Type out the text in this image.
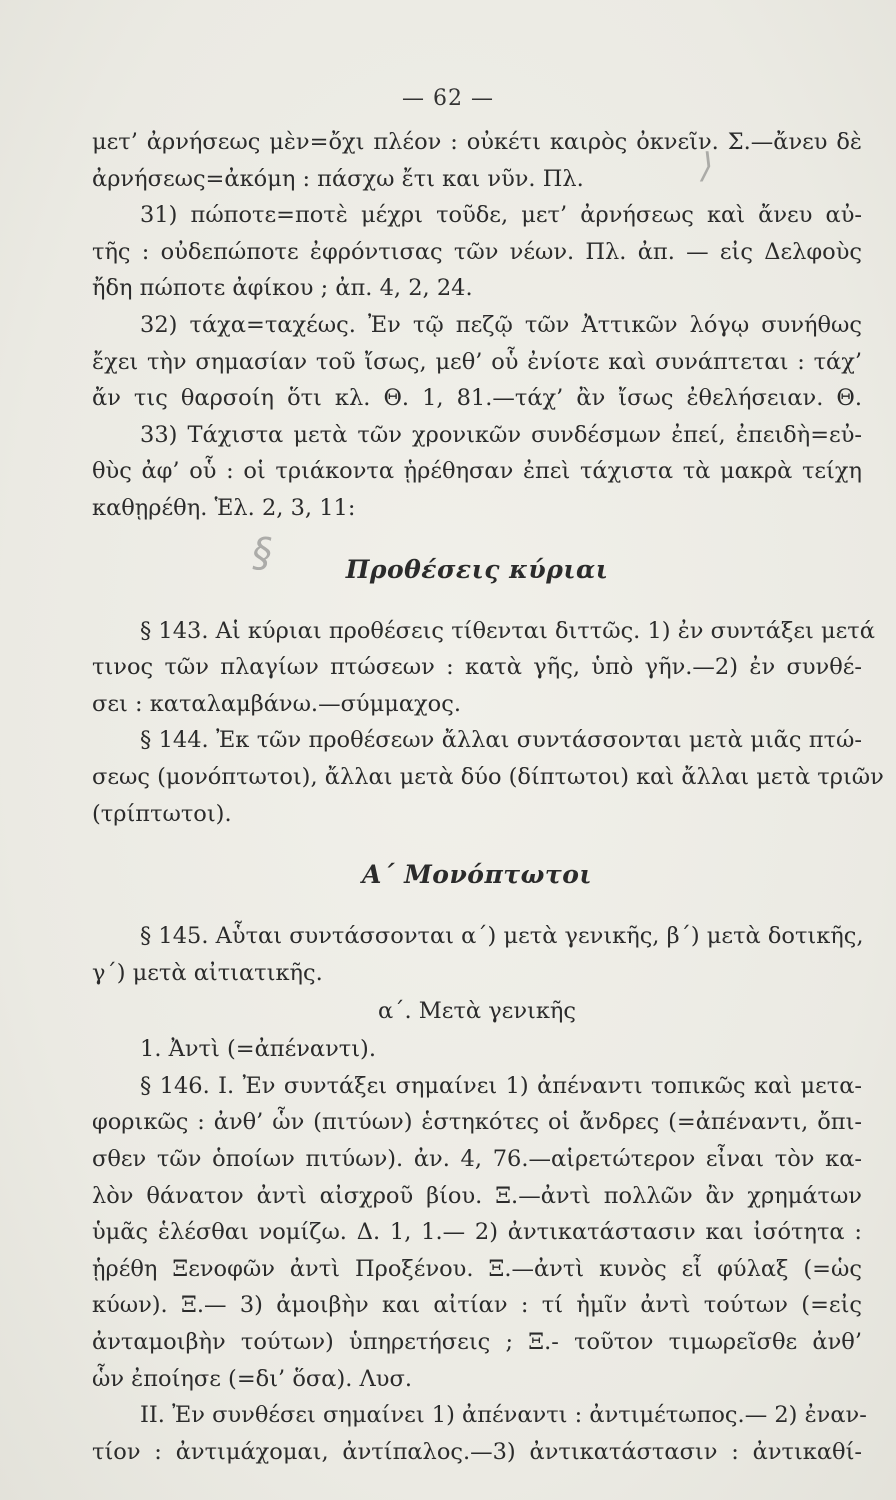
— 62 —
⟩
§
μετ’ ἀρνήσεως μὲν=ὄχι πλέον : οὐκέτι καιρὸς ὀκνεῖν. Σ.—ἄνευ δὲ
ἀρνήσεως=ἀκόμη : πάσχω ἔτι και νῦν. Πλ.
31) πώποτε=ποτὲ μέχρι τοῦδε, μετ’ ἀρνήσεως καὶ ἄνευ αὐ-
τῆς : οὐδεπώποτε ἐφρόντισας τῶν νέων. Πλ. ἀπ. — εἰς Δελφοὺς
ἤδη πώποτε ἀφίκου ; ἀπ. 4, 2, 24.
32) τάχα=ταχέως. Ἐν τῷ πεζῷ τῶν Ἀττικῶν λόγῳ συνήθως
ἔχει τὴν σημασίαν τοῦ ἴσως, μεθ’ οὗ ἐνίοτε καὶ συνάπτεται : τάχ’
ἄν τις θαρσοίη ὅτι κλ. Θ. 1, 81.—τάχ’ ἂν ἴσως ἐθελήσειαν. Θ.
33) Τάχιστα μετὰ τῶν χρονικῶν συνδέσμων ἐπεί, ἐπειδὴ=εὐ-
θὺς ἀφ’ οὗ : οἱ τριάκοντα ᾑρέθησαν ἐπεὶ τάχιστα τὰ μακρὰ τείχη
καθῃρέθη. Ἑλ. 2, 3, 11:
Προθέσεις κύριαι
§ 143. Αἱ κύριαι προθέσεις τίθενται διττῶς. 1) ἐν συντάξει μετά
τινος τῶν πλαγίων πτώσεων : κατὰ γῆς, ὑπὸ γῆν.—2) ἐν συνθέ-
σει : καταλαμβάνω.—σύμμαχος.
§ 144. Ἐκ τῶν προθέσεων ἄλλαι συντάσσονται μετὰ μιᾶς πτώ-
σεως (μονόπτωτοι), ἄλλαι μετὰ δύο (δίπτωτοι) καὶ ἄλλαι μετὰ τριῶν
(τρίπτωτοι).
Α΄ Μονόπτωτοι
§ 145. Αὗται συντάσσονται α΄) μετὰ γενικῆς, β΄) μετὰ δοτικῆς,
γ΄) μετὰ αἰτιατικῆς.
α΄. Μετὰ γενικῆς
1. Ἀντὶ (=ἀπέναντι).
§ 146. I. Ἐν συντάξει σημαίνει 1) ἀπέναντι τοπικῶς καὶ μετα-
φορικῶς : ἀνθ’ ὧν (πιτύων) ἑστηκότες οἱ ἄνδρες (=ἀπέναντι, ὄπι-
σθεν τῶν ὁποίων πιτύων). ἀν. 4, 76.—αἱρετώτερον εἶναι τὸν κα-
λὸν θάνατον ἀντὶ αἰσχροῦ βίου. Ξ.—ἀντὶ πολλῶν ἂν χρημάτων
ὑμᾶς ἑλέσθαι νομίζω. Δ. 1, 1.— 2) ἀντικατάστασιν και ἰσότητα :
ᾑρέθη Ξενοφῶν ἀντὶ Προξένου. Ξ.—ἀντὶ κυνὸς εἶ φύλαξ (=ὡς
κύων). Ξ.— 3) ἀμοιβὴν και αἰτίαν : τί ἡμῖν ἀντὶ τούτων (=εἰς
ἀνταμοιβὴν τούτων) ὑπηρετήσεις ; Ξ.- τοῦτον τιμωρεῖσθε ἀνθ’
ὧν ἐποίησε (=δι’ ὅσα). Λυσ.
II. Ἐν συνθέσει σημαίνει 1) ἀπέναντι : ἀντιμέτωπος.— 2) ἐναν-
τίον : ἀντιμάχομαι, ἀντίπαλος.—3) ἀντικατάστασιν : ἀντικαθί-
